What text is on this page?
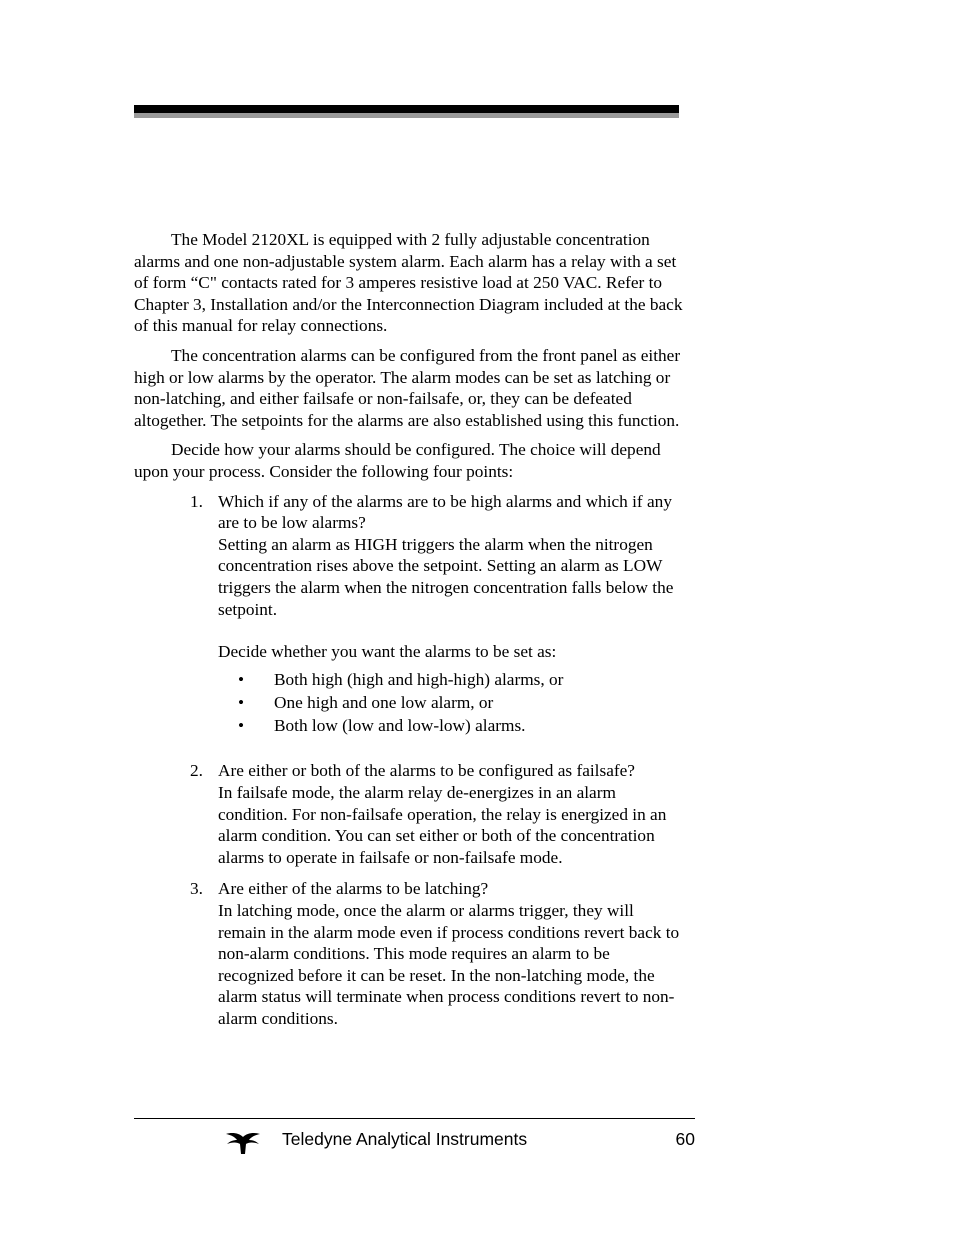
The Model 2120XL is equipped with 2 fully adjustable concentration alarms and one non-adjustable system alarm. Each alarm has a relay with a set of form “C" contacts rated for 3 amperes resistive load at 250 VAC. Refer to Chapter 3, Installation and/or the Interconnection Diagram included at the back of this manual for relay connections.

The concentration alarms can be configured from the front panel as either high or low alarms by the operator. The alarm modes can be set as latching or non-latching, and either failsafe or non-failsafe, or, they can be defeated altogether. The setpoints for the alarms are also established using this function.

Decide how your alarms should be configured. The choice will depend upon your process. Consider the following four points:

1. Which if any of the alarms are to be high alarms and which if any are to be low alarms?

Setting an alarm as HIGH triggers the alarm when the nitrogen concentration rises above the setpoint. Setting an alarm as LOW triggers the alarm when the nitrogen concentration falls below the setpoint.

Decide whether you want the alarms to be set as:

• Both high (high and high-high) alarms, or
• One high and one low alarm, or
• Both low (low and low-low) alarms.
2. Are either or both of the alarms to be configured as failsafe?

In failsafe mode, the alarm relay de-energizes in an alarm condition. For non-failsafe operation, the relay is energized in an alarm condition. You can set either or both of the concentration alarms to operate in failsafe or non-failsafe mode.

3. Are either of the alarms to be latching?

In latching mode, once the alarm or alarms trigger, they will remain in the alarm mode even if process conditions revert back to non-alarm conditions. This mode requires an alarm to be recognized before it can be reset. In the non-latching mode, the alarm status will terminate when process conditions revert to non- alarm conditions.

Teledyne Analytical Instruments	60
